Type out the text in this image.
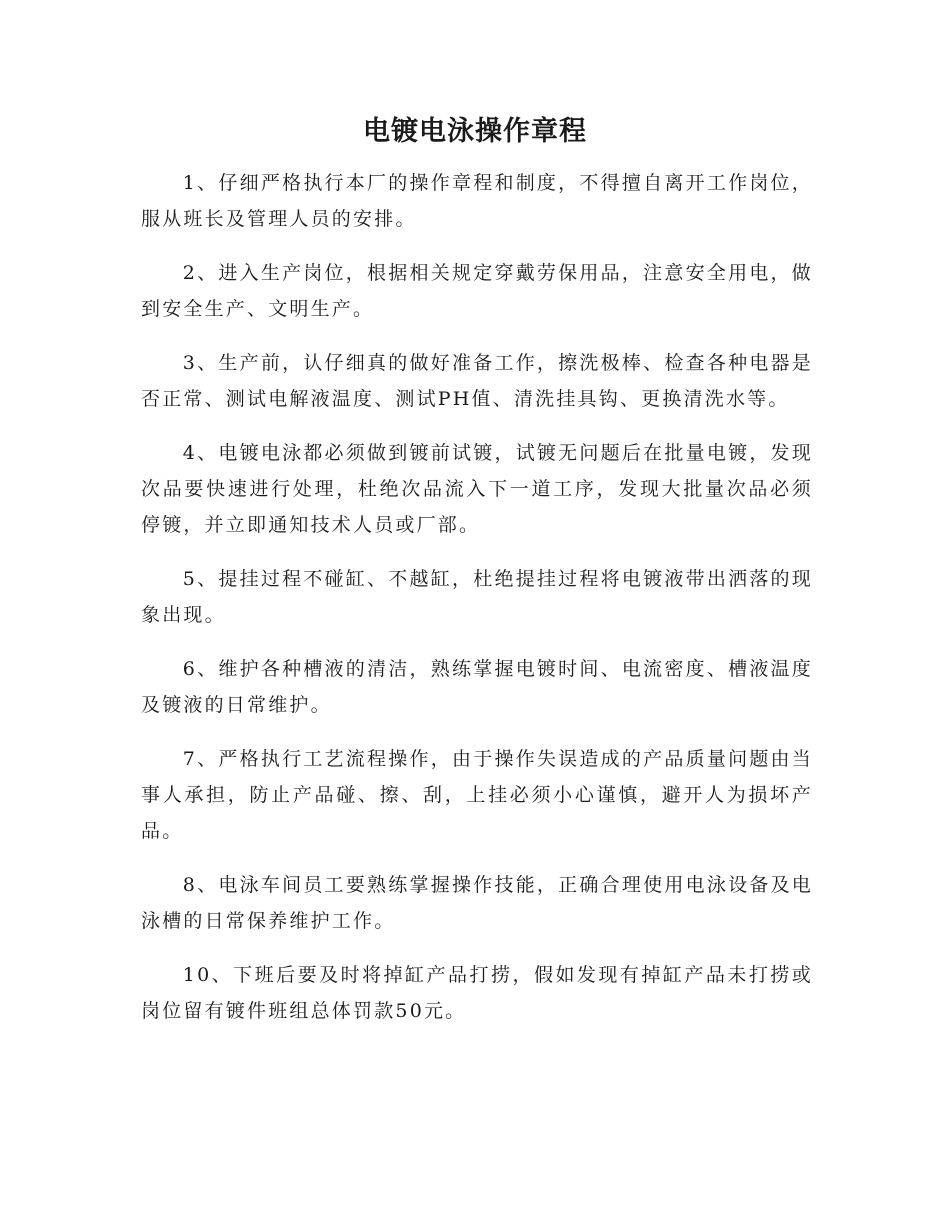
电镀电泳操作章程

1、仔细严格执行本厂的操作章程和制度，不得擅自离开工作岗位，服从班长及管理人员的安排。

2、进入生产岗位，根据相关规定穿戴劳保用品，注意安全用电，做到安全生产、文明生产。

3、生产前，认仔细真的做好准备工作，擦洗极棒、检查各种电器是否正常、测试电解液温度、测试PH值、清洗挂具钩、更换清洗水等。

4、电镀电泳都必须做到镀前试镀，试镀无问题后在批量电镀，发现次品要快速进行处理，杜绝次品流入下一道工序，发现大批量次品必须停镀，并立即通知技术人员或厂部。

5、提挂过程不碰缸、不越缸，杜绝提挂过程将电镀液带出洒落的现象出现。

6、维护各种槽液的清洁，熟练掌握电镀时间、电流密度、槽液温度及镀液的日常维护。

7、严格执行工艺流程操作，由于操作失误造成的产品质量问题由当事人承担，防止产品碰、擦、刮，上挂必须小心谨慎，避开人为损坏产品。

8、电泳车间员工要熟练掌握操作技能，正确合理使用电泳设备及电泳槽的日常保养维护工作。

10、下班后要及时将掉缸产品打捞，假如发现有掉缸产品未打捞或岗位留有镀件班组总体罚款50元。
